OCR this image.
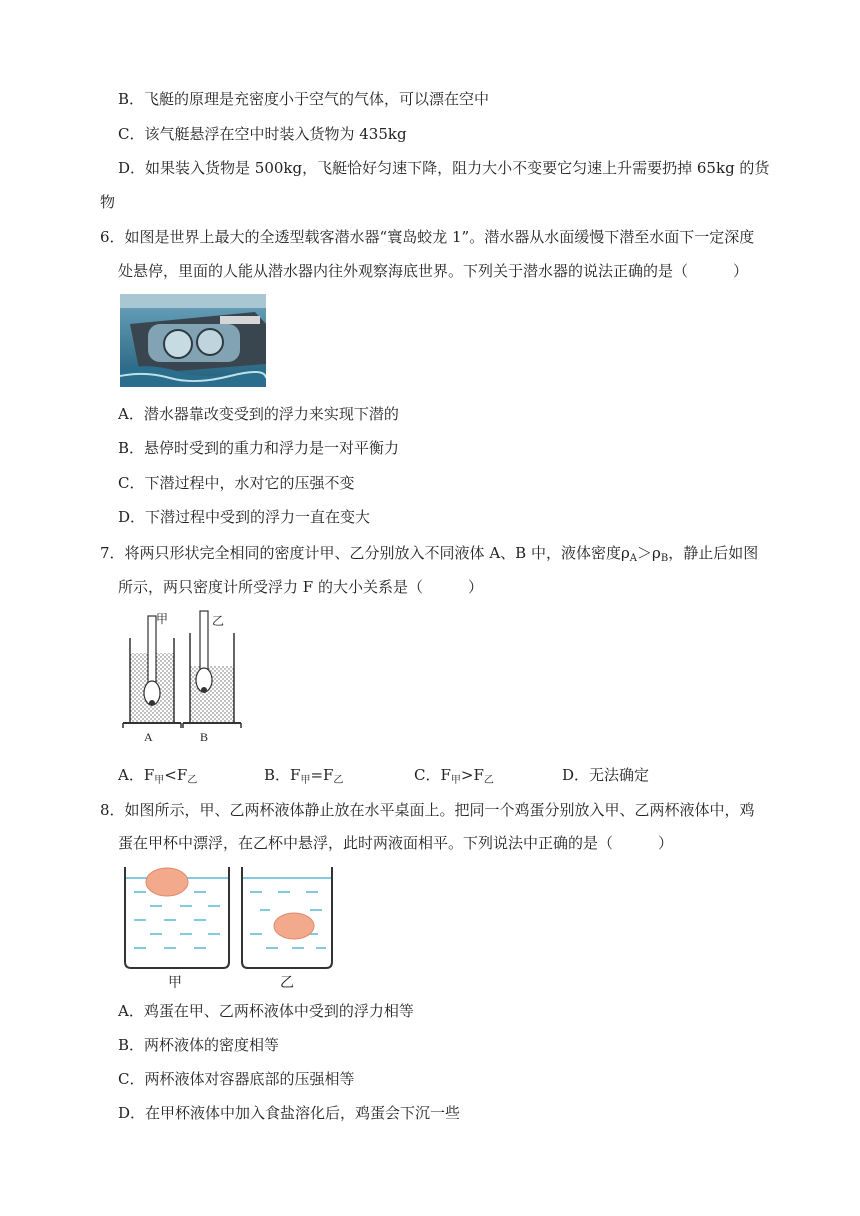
B．飞艇的原理是充密度小于空气的气体，可以漂在空中
C．该气艇悬浮在空中时装入货物为 435kg
D．如果装入货物是 500kg，飞艇恰好匀速下降，阻力大小不变要它匀速上升需要扔掉 65kg 的货
物
6．如图是世界上最大的全透型载客潜水器“寰岛蛟龙 1”。潜水器从水面缓慢下潜至水面下一定深度
处悬停，里面的人能从潜水器内往外观察海底世界。下列关于潜水器的说法正确的是（　　　）
A．潜水器靠改变受到的浮力来实现下潜的
B．悬停时受到的重力和浮力是一对平衡力
C．下潜过程中，水对它的压强不变
D．下潜过程中受到的浮力一直在变大
7．将两只形状完全相同的密度计甲、乙分别放入不同液体 A、B 中，液体密度$\rho_A>\rho_B$，静止后如图
所示，两只密度计所受浮力 F 的大小关系是（　　　）
甲	乙
A	B
A．$F_甲<F_乙$	B．$F_甲=F_乙$	C．$F_甲>F_乙$	D．无法确定
8．如图所示，甲、乙两杯液体静止放在水平桌面上。把同一个鸡蛋分别放入甲、乙两杯液体中，鸡
蛋在甲杯中漂浮，在乙杯中悬浮，此时两液面相平。下列说法中正确的是（　　　）
甲	乙
A．鸡蛋在甲、乙两杯液体中受到的浮力相等
B．两杯液体的密度相等
C．两杯液体对容器底部的压强相等
D．在甲杯液体中加入食盐溶化后，鸡蛋会下沉一些
